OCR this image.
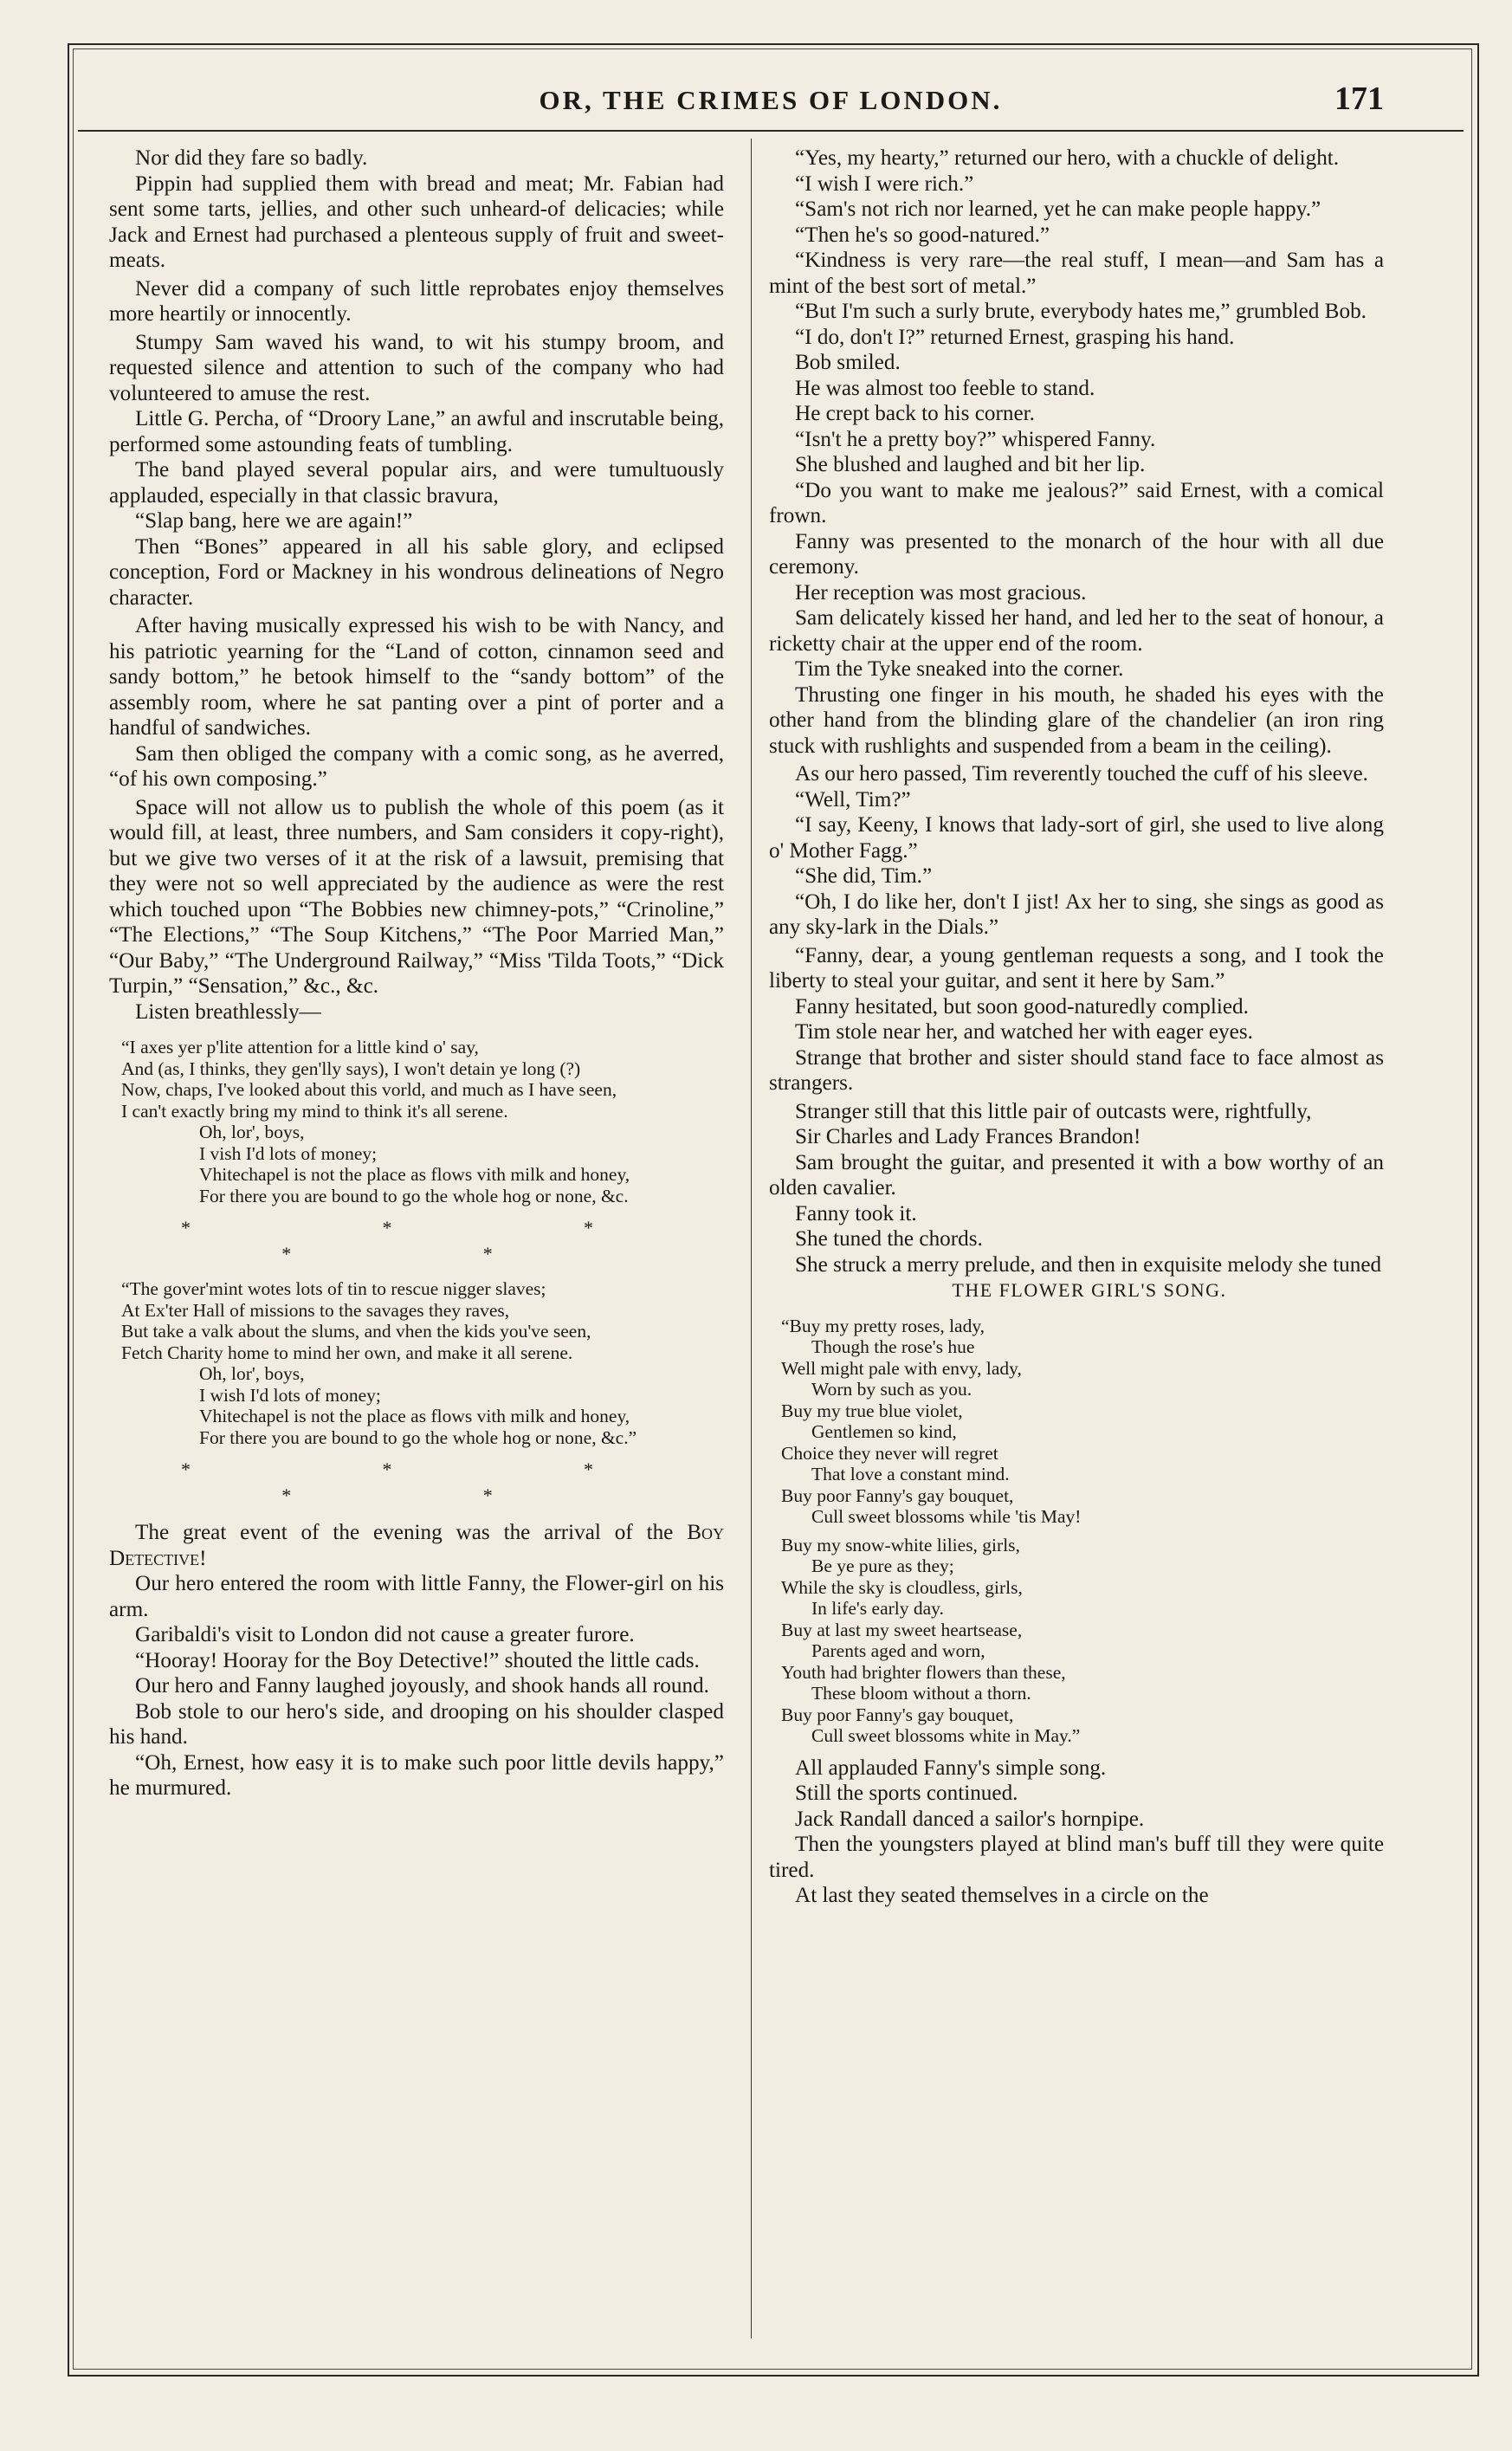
OR, THE CRIMES OF LONDON.	171

Nor did they fare so badly.

Pippin had supplied them with bread and meat; Mr. Fabian had sent some tarts, jellies, and other such unheard-of delicacies; while Jack and Ernest had purchased a plenteous supply of fruit and sweet-meats.

Never did a company of such little reprobates enjoy themselves more heartily or innocently.

Stumpy Sam waved his wand, to wit his stumpy broom, and requested silence and attention to such of the company who had volunteered to amuse the rest.

Little G. Percha, of “Droory Lane,” an awful and inscrutable being, performed some astounding feats of tumbling.

The band played several popular airs, and were tumultuously applauded, especially in that classic bravura,

“Slap bang, here we are again!”

Then “Bones” appeared in all his sable glory, and eclipsed conception, Ford or Mackney in his wondrous delineations of Negro character.

After having musically expressed his wish to be with Nancy, and his patriotic yearning for the “Land of cotton, cinnamon seed and sandy bottom,” he betook himself to the “sandy bottom” of the assembly room, where he sat panting over a pint of porter and a handful of sandwiches.

Sam then obliged the company with a comic song, as he averred, “of his own composing.”

Space will not allow us to publish the whole of this poem (as it would fill, at least, three numbers, and Sam considers it copy-right), but we give two verses of it at the risk of a lawsuit, premising that they were not so well appreciated by the audience as were the rest which touched upon “The Bobbies new chimney-pots,” “Crinoline,” “The Elections,” “The Soup Kitchens,” “The Poor Married Man,” “Our Baby,” “The Underground Railway,” “Miss 'Tilda Toots,” “Dick Turpin,” “Sensation,” &c., &c.

Listen breathlessly—

“I axes yer p'lite attention for a little kind o' say,

And (as, I thinks, they gen'lly says), I won't detain ye long (?)

Now, chaps, I've looked about this vorld, and much as I have seen,

I can't exactly bring my mind to think it's all serene.

Oh, lor', boys,

I vish I'd lots of money;

Vhitechapel is not the place as flows vith milk and honey,

For there you are bound to go the whole hog or none, &c.

* * * * *

“The gover'mint wotes lots of tin to rescue nigger slaves;

At Ex'ter Hall of missions to the savages they raves,

But take a valk about the slums, and vhen the kids you've seen,

Fetch Charity home to mind her own, and make it all serene.

Oh, lor', boys,

I wish I'd lots of money;

Vhitechapel is not the place as flows vith milk and honey,

For there you are bound to go the whole hog or none, &c.”

* * * * *

The great event of the evening was the arrival of the Boy Detective!

Our hero entered the room with little Fanny, the Flower-girl on his arm.

Garibaldi's visit to London did not cause a greater furore.

“Hooray! Hooray for the Boy Detective!” shouted the little cads.

Our hero and Fanny laughed joyously, and shook hands all round.

Bob stole to our hero's side, and drooping on his shoulder clasped his hand.

“Oh, Ernest, how easy it is to make such poor little devils happy,” he murmured.

“Yes, my hearty,” returned our hero, with a chuckle of delight.

“I wish I were rich.”

“Sam's not rich nor learned, yet he can make people happy.”

“Then he's so good-natured.”

“Kindness is very rare—the real stuff, I mean—and Sam has a mint of the best sort of metal.”

“But I'm such a surly brute, everybody hates me,” grumbled Bob.

“I do, don't I?” returned Ernest, grasping his hand.

Bob smiled.

He was almost too feeble to stand.

He crept back to his corner.

“Isn't he a pretty boy?” whispered Fanny.

She blushed and laughed and bit her lip.

“Do you want to make me jealous?” said Ernest, with a comical frown.

Fanny was presented to the monarch of the hour with all due ceremony.

Her reception was most gracious.

Sam delicately kissed her hand, and led her to the seat of honour, a ricketty chair at the upper end of the room.

Tim the Tyke sneaked into the corner.

Thrusting one finger in his mouth, he shaded his eyes with the other hand from the blinding glare of the chandelier (an iron ring stuck with rushlights and suspended from a beam in the ceiling).

As our hero passed, Tim reverently touched the cuff of his sleeve.

“Well, Tim?”

“I say, Keeny, I knows that lady-sort of girl, she used to live along o' Mother Fagg.”

“She did, Tim.”

“Oh, I do like her, don't I jist! Ax her to sing, she sings as good as any sky-lark in the Dials.”

“Fanny, dear, a young gentleman requests a song, and I took the liberty to steal your guitar, and sent it here by Sam.”

Fanny hesitated, but soon good-naturedly complied.

Tim stole near her, and watched her with eager eyes.

Strange that brother and sister should stand face to face almost as strangers.

Stranger still that this little pair of outcasts were, rightfully,

Sir Charles and Lady Frances Brandon!

Sam brought the guitar, and presented it with a bow worthy of an olden cavalier.

Fanny took it.

She tuned the chords.

She struck a merry prelude, and then in exquisite melody she tuned

THE FLOWER GIRL'S SONG.

“Buy my pretty roses, lady,

Though the rose's hue

Well might pale with envy, lady,

Worn by such as you.

Buy my true blue violet,

Gentlemen so kind,

Choice they never will regret

That love a constant mind.

Buy poor Fanny's gay bouquet,

Cull sweet blossoms while 'tis May!

Buy my snow-white lilies, girls,

Be ye pure as they;

While the sky is cloudless, girls,

In life's early day.

Buy at last my sweet heartsease,

Parents aged and worn,

Youth had brighter flowers than these,

These bloom without a thorn.

Buy poor Fanny's gay bouquet,

Cull sweet blossoms white in May.”

All applauded Fanny's simple song.

Still the sports continued.

Jack Randall danced a sailor's hornpipe.

Then the youngsters played at blind man's buff till they were quite tired.

At last they seated themselves in a circle on the
